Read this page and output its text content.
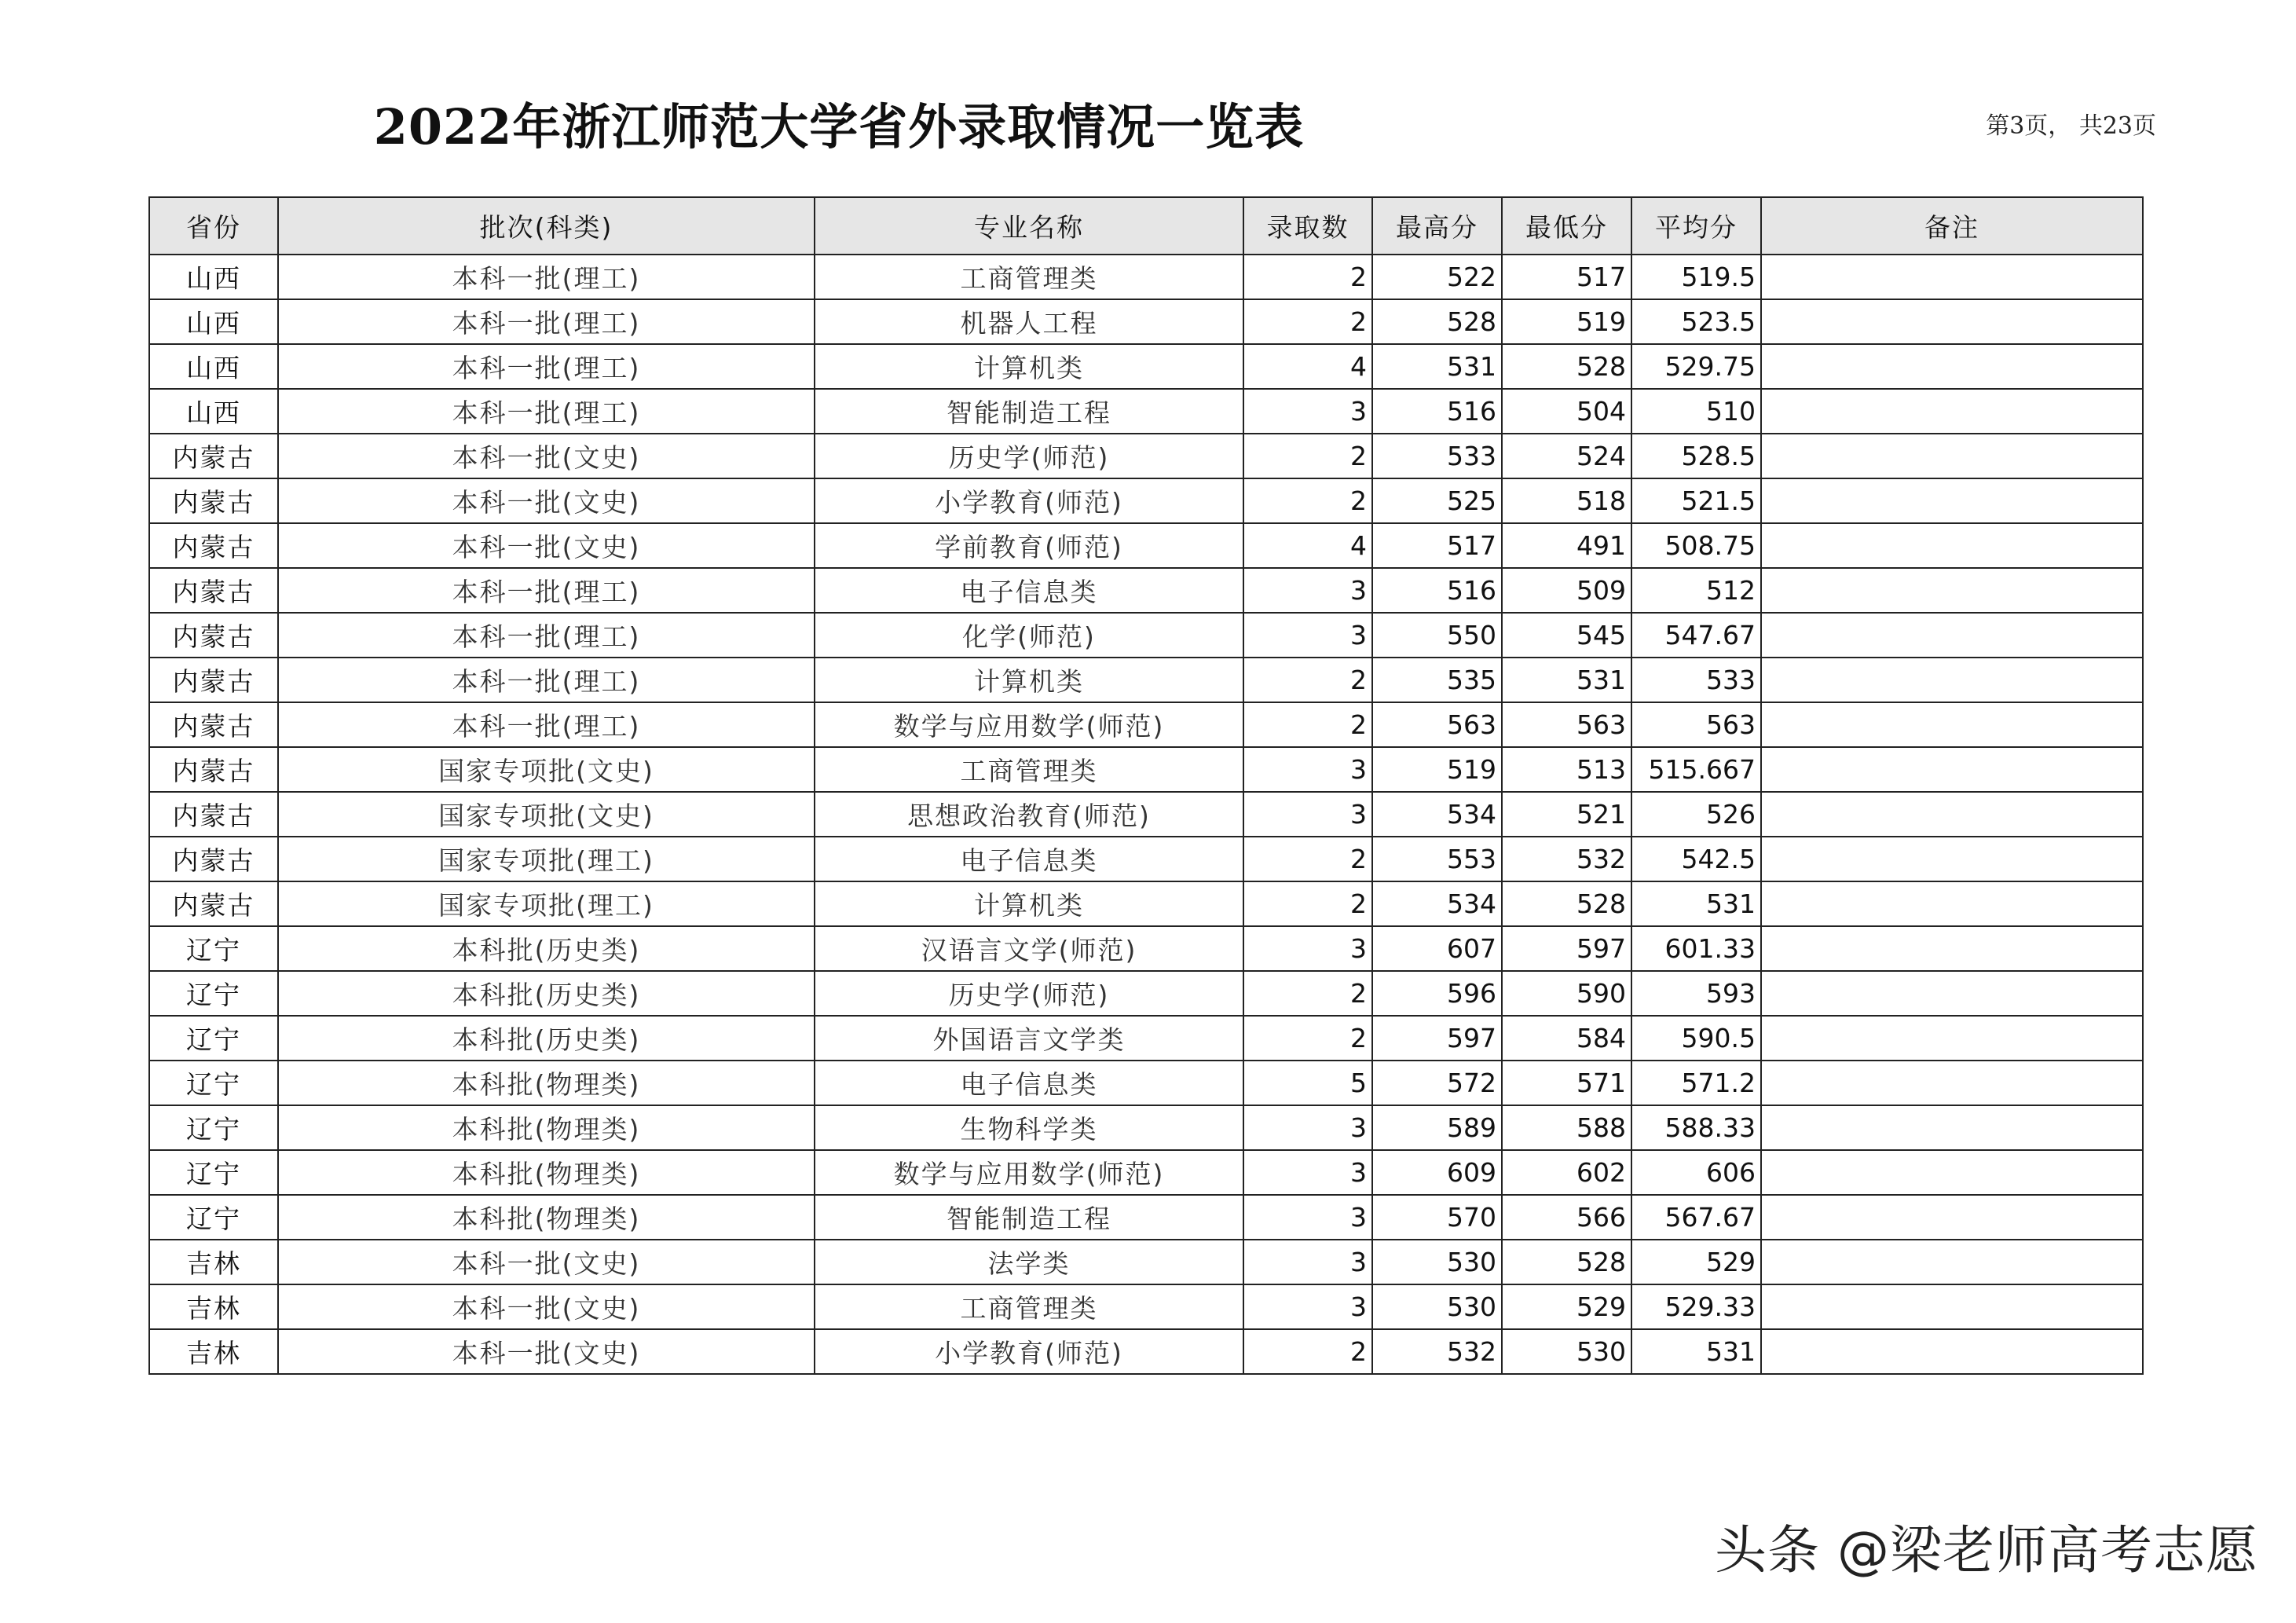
2022年浙江师范大学省外录取情况一览表	第3页， 共23页
省份	批次(科类)	专业名称	录取数	最高分	最低分	平均分	备注
山西	本科一批(理工)	工商管理类	2	522	517	519.5	
山西	本科一批(理工)	机器人工程	2	528	519	523.5	
山西	本科一批(理工)	计算机类	4	531	528	529.75	
山西	本科一批(理工)	智能制造工程	3	516	504	510	
内蒙古	本科一批(文史)	历史学(师范)	2	533	524	528.5	
内蒙古	本科一批(文史)	小学教育(师范)	2	525	518	521.5	
内蒙古	本科一批(文史)	学前教育(师范)	4	517	491	508.75	
内蒙古	本科一批(理工)	电子信息类	3	516	509	512	
内蒙古	本科一批(理工)	化学(师范)	3	550	545	547.67	
内蒙古	本科一批(理工)	计算机类	2	535	531	533	
内蒙古	本科一批(理工)	数学与应用数学(师范)	2	563	563	563	
内蒙古	国家专项批(文史)	工商管理类	3	519	513	515.667	
内蒙古	国家专项批(文史)	思想政治教育(师范)	3	534	521	526	
内蒙古	国家专项批(理工)	电子信息类	2	553	532	542.5	
内蒙古	国家专项批(理工)	计算机类	2	534	528	531	
辽宁	本科批(历史类)	汉语言文学(师范)	3	607	597	601.33	
辽宁	本科批(历史类)	历史学(师范)	2	596	590	593	
辽宁	本科批(历史类)	外国语言文学类	2	597	584	590.5	
辽宁	本科批(物理类)	电子信息类	5	572	571	571.2	
辽宁	本科批(物理类)	生物科学类	3	589	588	588.33	
辽宁	本科批(物理类)	数学与应用数学(师范)	3	609	602	606	
辽宁	本科批(物理类)	智能制造工程	3	570	566	567.67	
吉林	本科一批(文史)	法学类	3	530	528	529	
吉林	本科一批(文史)	工商管理类	3	530	529	529.33	
吉林	本科一批(文史)	小学教育(师范)	2	532	530	531	
头条 @梁老师高考志愿
